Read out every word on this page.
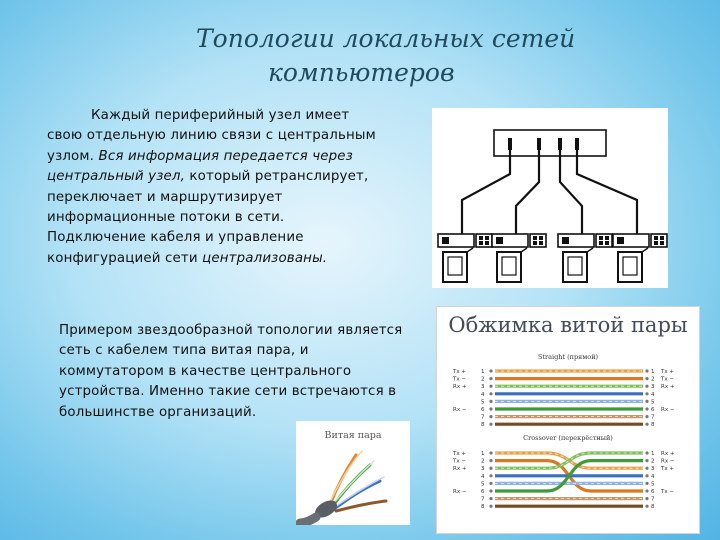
Топологии локальных сетей
компьютеров
Каждый периферийный узел имеет свою отдельную линию связи с центральным узлом. Вся информация передается через центральный узел, который ретранслирует, переключает и маршрутизирует информационные потоки в сети. Подключение кабеля и управление конфигурацией сети централизованы.
Примером звездообразной топологии является сеть с кабелем типа витая пара, и коммутатором в качестве центрального устройства. Именно такие сети встречаются в большинстве организаций.
Витая пара
Обжимка витой пары
Straight (прямой)
Crossover (перекрёстный)
Tx +	1	1 Tx +
Tx −	2	2 Tx −
Rx +	3	3 Rx +
4	4
5	5
Rx −	6	6 Rx −
7	7
8	8
Tx +	1	1 Rx +
Tx −	2	2 Rx −
Rx +	3	3 Tx +
4	4
5	5
Rx −	6	6 Tx −
7	7
8	8
